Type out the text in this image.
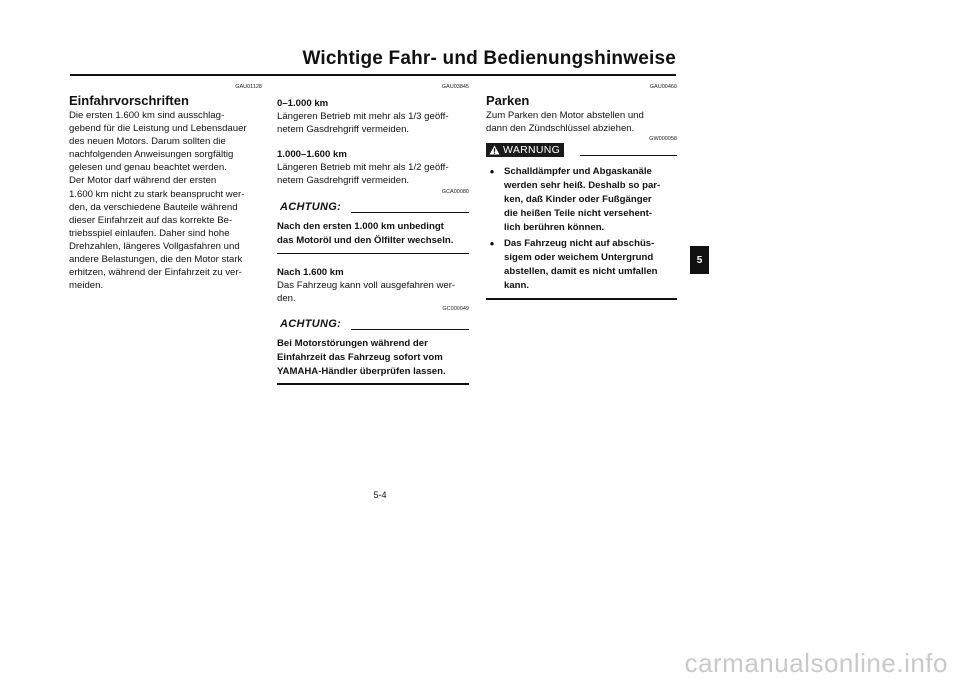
Wichtige Fahr- und Bedienungshinweise
GAU01128
Einfahrvorschriften
Die ersten 1.600 km sind ausschlag-
gebend für die Leistung und Lebensdauer
des neuen Motors. Darum sollten die
nachfolgenden Anweisungen sorgfältig
gelesen und genau beachtet werden.
Der Motor darf während der ersten
1.600 km nicht zu stark beansprucht wer-
den, da verschiedene Bauteile während
dieser Einfahrzeit auf das korrekte Be-
triebsspiel einlaufen. Daher sind hohe
Drehzahlen, längeres Vollgasfahren und
andere Belastungen, die den Motor stark
erhitzen, während der Einfahrzeit zu ver-
meiden.
GAU03845
0–1.000 km
Längeren Betrieb mit mehr als 1/3 geöff-
netem Gasdrehgriff vermeiden.
1.000–1.600 km
Längeren Betrieb mit mehr als 1/2 geöff-
netem Gasdrehgriff vermeiden.
GCA00080
ACHTUNG:
Nach den ersten 1.000 km unbedingt
das Motoröl und den Ölfilter wechseln.
Nach 1.600 km
Das Fahrzeug kann voll ausgefahren wer-
den.
GC000049
ACHTUNG:
Bei Motorstörungen während der
Einfahrzeit das Fahrzeug sofort vom
YAMAHA-Händler überprüfen lassen.
GAU00460
Parken
Zum Parken den Motor abstellen und
dann den Zündschlüssel abziehen.
GW000058
WARNUNG
● Schalldämpfer und Abgaskanäle
werden sehr heiß. Deshalb so par-
ken, daß Kinder oder Fußgänger
die heißen Teile nicht versehent-
lich berühren können.
● Das Fahrzeug nicht auf abschüs-
sigem oder weichem Untergrund
abstellen, damit es nicht umfallen
kann.
5-4
5
carmanualsonline.info
